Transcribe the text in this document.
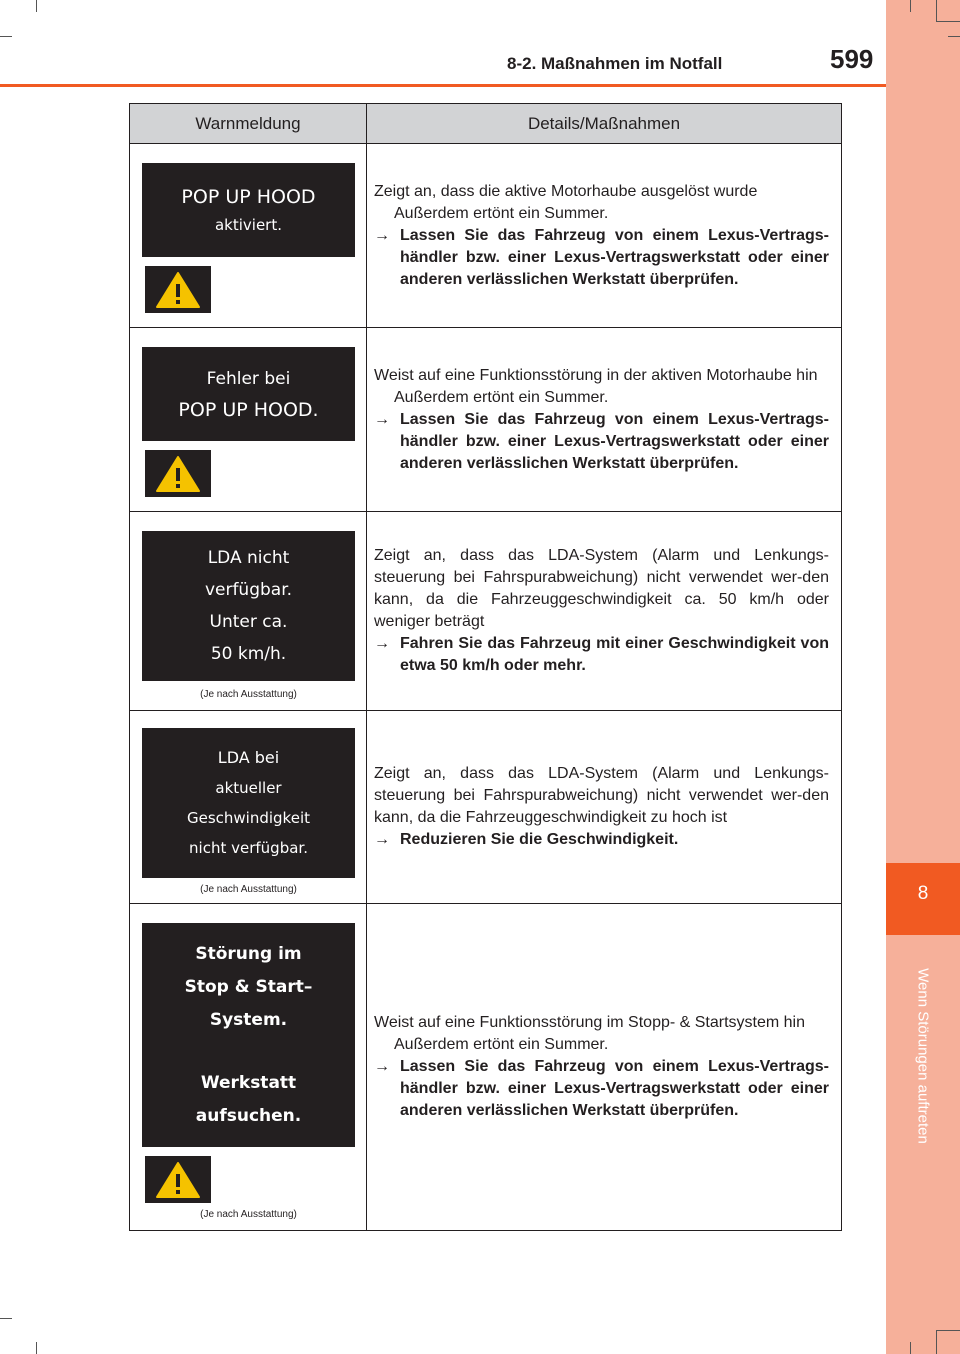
8-2. Maßnahmen im Notfall	599
8
Wenn Störungen auftreten
Warnmeldung	Details/Maßnahmen
POP UP HOOD
aktiviert.
Zeigt an, dass die aktive Motorhaube ausgelöst wurde
Außerdem ertönt ein Summer.
→ Lassen Sie das Fahrzeug von einem Lexus-Vertrags-händler bzw. einer Lexus-Vertragswerkstatt oder einer anderen verlässlichen Werkstatt überprüfen.
Fehler bei
POP UP HOOD.
Weist auf eine Funktionsstörung in der aktiven Motorhaube hin
Außerdem ertönt ein Summer.
→ Lassen Sie das Fahrzeug von einem Lexus-Vertrags-händler bzw. einer Lexus-Vertragswerkstatt oder einer anderen verlässlichen Werkstatt überprüfen.
LDA nicht
verfügbar.
Unter ca.
50 km/h.
(Je nach Ausstattung)
Zeigt an, dass das LDA-System (Alarm und Lenkungs-steuerung bei Fahrspurabweichung) nicht verwendet wer-den kann, da die Fahrzeuggeschwindigkeit ca. 50 km/h oder weniger beträgt
→ Fahren Sie das Fahrzeug mit einer Geschwindigkeit von etwa 50 km/h oder mehr.
LDA bei
aktueller
Geschwindigkeit
nicht verfügbar.
(Je nach Ausstattung)
Zeigt an, dass das LDA-System (Alarm und Lenkungs-steuerung bei Fahrspurabweichung) nicht verwendet wer-den kann, da die Fahrzeuggeschwindigkeit zu hoch ist
→ Reduzieren Sie die Geschwindigkeit.
Störung im
Stop & Start–
System.
Werkstatt
aufsuchen.
(Je nach Ausstattung)
Weist auf eine Funktionsstörung im Stopp- & Startsystem hin
Außerdem ertönt ein Summer.
→ Lassen Sie das Fahrzeug von einem Lexus-Vertrags-händler bzw. einer Lexus-Vertragswerkstatt oder einer anderen verlässlichen Werkstatt überprüfen.
